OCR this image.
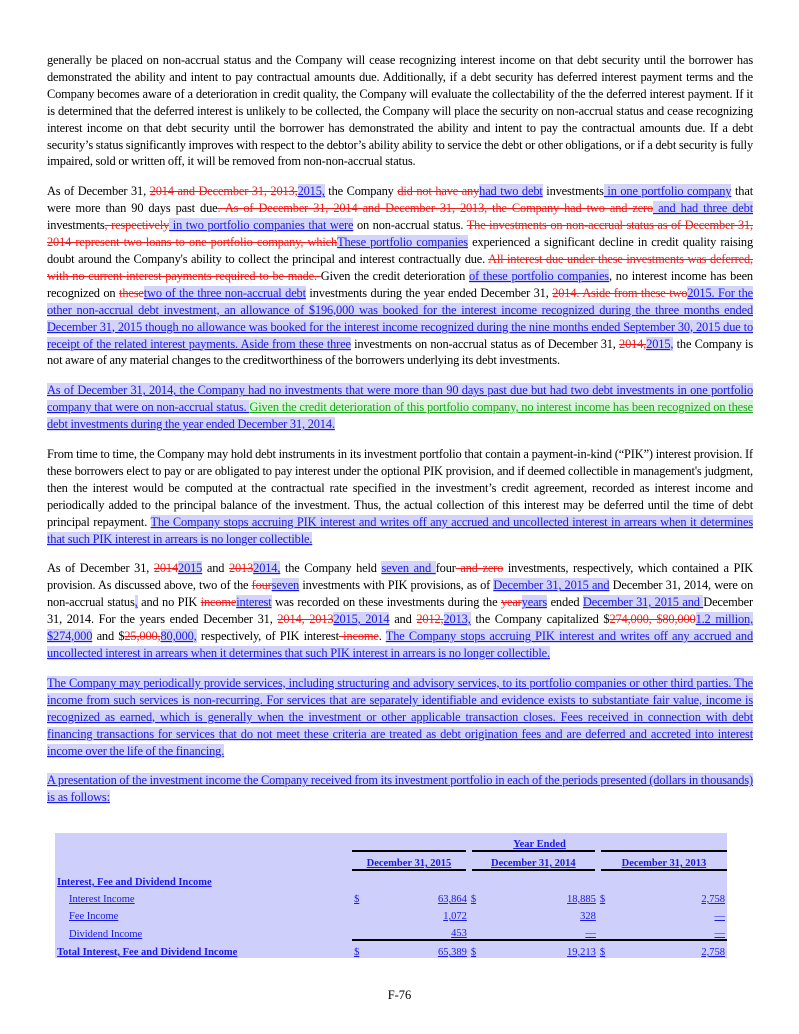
generally be placed on non-accrual status and the Company will cease recognizing interest income on that debt security until the borrower has demonstrated the ability and intent to pay contractual amounts due. Additionally, if a debt security has deferred interest payment terms and the Company becomes aware of a deterioration in credit quality, the Company will evaluate the collectability of the the deferred interest payment. If it is determined that the deferred interest is unlikely to be collected, the Company will place the security on non-accrual status and cease recognizing interest income on that debt security until the borrower has demonstrated the ability and intent to pay the contractual amounts due. If a debt security’s status significantly improves with respect to the debtor’s ability ability to service the debt or other obligations, or if a debt security is fully impaired, sold or written off, it will be removed from non-non-accrual status.

As of December 31, 2014 and December 31, 2013,2015, the Company did not have anyhad two debt investments in one portfolio company that were more than 90 days past due. As of December 31, 2014 and December 31, 2013, the Company had two and zero and had three debt investments, respectively in two portfolio companies that were on non-accrual status. The investments on non-accrual status as of December 31, 2014 represent two loans to one portfolio company, whichThese portfolio companies experienced a significant decline in credit quality raising doubt around the Company's ability to collect the principal and interest contractually due. All interest due under these investments was deferred, with no current interest payments required to be made. Given the credit deterioration of these portfolio companies, no interest income has been recognized on thesetwo of the three non-accrual debt investments during the year ended December 31, 2014. Aside from these two2015. For the other non-accrual debt investment, an allowance of $196,000 was booked for the interest income recognized during the three months ended December 31, 2015 though no allowance was booked for the interest income recognized during the nine months ended September 30, 2015 due to receipt of the related interest payments. Aside from these three investments on non-accrual status as of December 31, 2014,2015, the Company is not aware of any material changes to the creditworthiness of the borrowers underlying its debt investments.

As of December 31, 2014, the Company had no investments that were more than 90 days past due but had two debt investments in one portfolio company that were on non-accrual status. Given the credit deterioration of this portfolio company, no interest income has been recognized on these debt investments during the year ended December 31, 2014.

From time to time, the Company may hold debt instruments in its investment portfolio that contain a payment-in-kind (“PIK”) interest provision. If these borrowers elect to pay or are obligated to pay interest under the optional PIK provision, and if deemed collectible in management's judgment, then the interest would be computed at the contractual rate specified in the investment’s credit agreement, recorded as interest income and periodically added to the principal balance of the investment. Thus, the actual collection of this interest may be deferred until the time of debt principal repayment. The Company stops accruing PIK interest and writes off any accrued and uncollected interest in arrears when it determines that such PIK interest in arrears is no longer collectible.

As of December 31, 20142015 and 20132014, the Company held seven and four and zero investments, respectively, which contained a PIK provision. As discussed above, two of the fourseven investments with PIK provisions, as of December 31, 2015 and December 31, 2014, were on non-accrual status, and no PIK incomeinterest was recorded on these investments during the yearyears ended December 31, 2015 and December 31, 2014. For the years ended December 31, 2014, 20132015, 2014 and 2012,2013, the Company capitalized $274,000, $80,0001.2 million, $274,000 and $25,000,80,000, respectively, of PIK interest income. The Company stops accruing PIK interest and writes off any accrued and uncollected interest in arrears when it determines that such PIK interest in arrears is no longer collectible.

The Company may periodically provide services, including structuring and advisory services, to its portfolio companies or other third parties. The income from such services is non-recurring. For services that are separately identifiable and evidence exists to substantiate fair value, income is recognized as earned, which is generally when the investment or other applicable transaction closes. Fees received in connection with debt financing transactions for services that do not meet these criteria are treated as debt origination fees and are deferred and accreted into interest income over the life of the financing.

A presentation of the investment income the Company received from its investment portfolio in each of the periods presented (dollars in thousands) is as follows:

	Year Ended					
	December 31, 2015		December 31, 2014		December 31, 2013	
Interest, Fee and Dividend Income						
Interest Income	$	63,864	$	18,885	$	2,758
Fee Income		1,072		328		—
Dividend Income		453		—		—
Total Interest, Fee and Dividend Income	$	65,389	$	19,213	$	2,758
F-76
